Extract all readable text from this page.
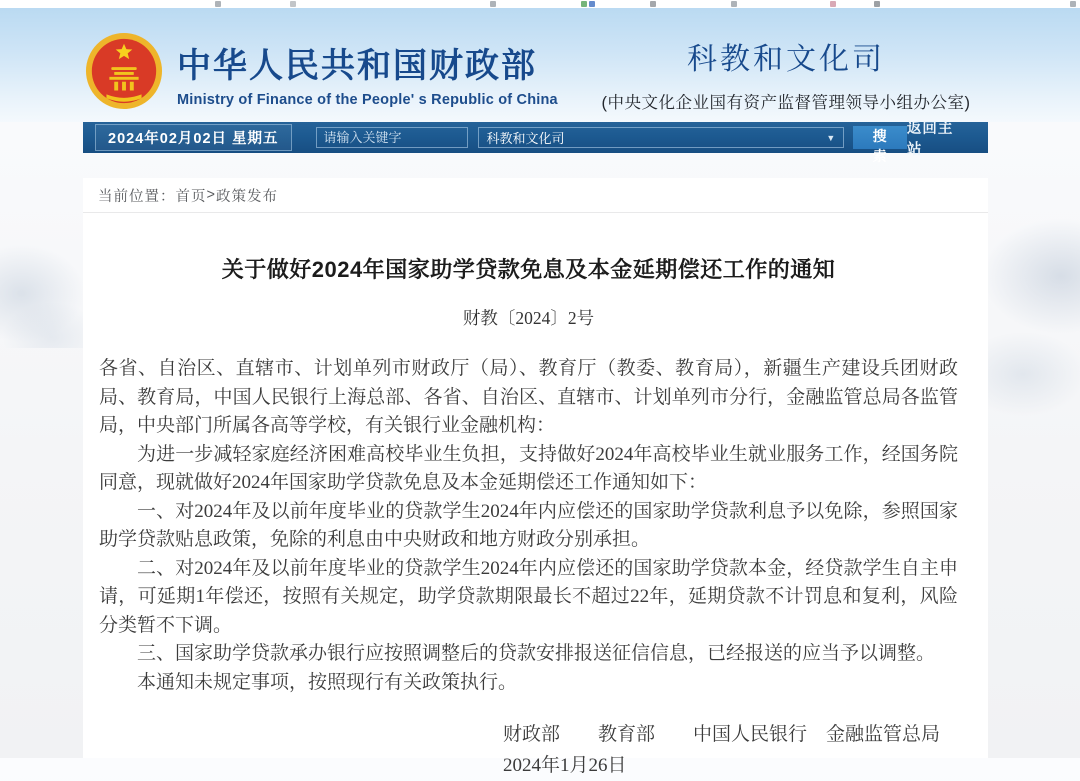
中华人民共和国财政部
Ministry of Finance of the People' s Republic of China
科教和文化司
(中央文化企业国有资产监督管理领导小组办公室)
2024年02月02日 星期五
请输入关键字	科教和文化司	▼	搜索
返回主站
当前位置： 首页 > 政策发布
关于做好2024年国家助学贷款免息及本金延期偿还工作的通知
财教〔2024〕2号

各省、自治区、直辖市、计划单列市财政厅（局）、教育厅（教委、教育局），新疆生产建设兵团财政局、教育局，中国人民银行上海总部、各省、自治区、直辖市、计划单列市分行，金融监管总局各监管局，中央部门所属各高等学校，有关银行业金融机构：

为进一步减轻家庭经济困难高校毕业生负担，支持做好2024年高校毕业生就业服务工作，经国务院同意，现就做好2024年国家助学贷款免息及本金延期偿还工作通知如下：

一、对2024年及以前年度毕业的贷款学生2024年内应偿还的国家助学贷款利息予以免除，参照国家助学贷款贴息政策，免除的利息由中央财政和地方财政分别承担。

二、对2024年及以前年度毕业的贷款学生2024年内应偿还的国家助学贷款本金，经贷款学生自主申请，可延期1年偿还，按照有关规定，助学贷款期限最长不超过22年，延期贷款不计罚息和复利，风险分类暂不下调。

三、国家助学贷款承办银行应按照调整后的贷款安排报送征信信息，已经报送的应当予以调整。

本通知未规定事项，按照现行有关政策执行。

财政部　　教育部　　中国人民银行　金融监管总局
2024年1月26日
